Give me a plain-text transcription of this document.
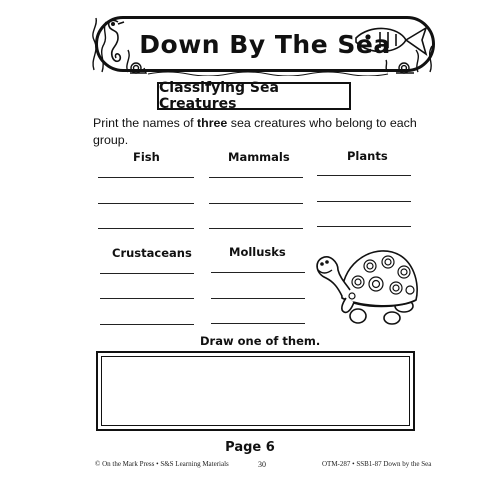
Down By The Sea
Classifying Sea Creatures
Print the names of three sea creatures who belong to each group.
Fish	Mammals	Plants
Crustaceans	Mollusks
Draw one of them.
Page 6
© On the Mark Press • S&S Learning Materials	30	OTM-287 • SSB1-87 Down by the Sea
